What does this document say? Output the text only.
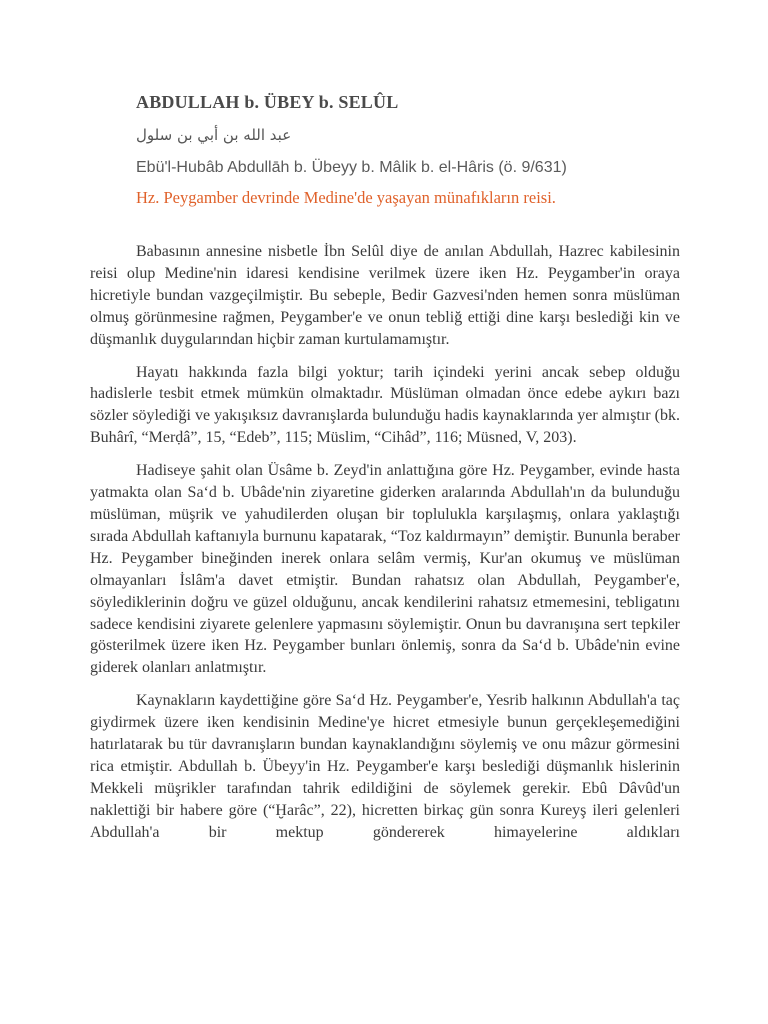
ABDULLAH b. ÜBEY b. SELÛL
عبد الله بن أبي بن سلول
Ebü'l-Hubâb Abdullāh b. Übeyy b. Mâlik b. el-Hâris (ö. 9/631)
Hz. Peygamber devrinde Medine'de yaşayan münafıkların reisi.

Babasının annesine nisbetle İbn Selûl diye de anılan Abdullah, Hazrec kabilesinin reisi olup Medine'nin idaresi kendisine verilmek üzere iken Hz. Peygamber'in oraya hicretiyle bundan vazgeçilmiştir. Bu sebeple, Bedir Gazvesi'nden hemen sonra müslüman olmuş görünmesine rağmen, Peygamber'e ve onun tebliğ ettiği dine karşı beslediği kin ve düşmanlık duygularından hiçbir zaman kurtulamamıştır.

Hayatı hakkında fazla bilgi yoktur; tarih içindeki yerini ancak sebep olduğu hadislerle tesbit etmek mümkün olmaktadır. Müslüman olmadan önce edebe aykırı bazı sözler söylediği ve yakışıksız davranışlarda bulunduğu hadis kaynaklarında yer almıştır (bk. Buhârî, “Merḍâ”, 15, “Edeb”, 115; Müslim, “Cihâd”, 116; Müsned, V, 203).

Hadiseye şahit olan Üsâme b. Zeyd'in anlattığına göre Hz. Peygamber, evinde hasta yatmakta olan Sa‘d b. Ubâde'nin ziyaretine giderken aralarında Abdullah'ın da bulunduğu müslüman, müşrik ve yahudilerden oluşan bir toplulukla karşılaşmış, onlara yaklaştığı sırada Abdullah kaftanıyla burnunu kapatarak, “Toz kaldırmayın” demiştir. Bununla beraber Hz. Peygamber bineğinden inerek onlara selâm vermiş, Kur'an okumuş ve müslüman olmayanları İslâm'a davet etmiştir. Bundan rahatsız olan Abdullah, Peygamber'e, söylediklerinin doğru ve güzel olduğunu, ancak kendilerini rahatsız etmemesini, tebligatını sadece kendisini ziyarete gelenlere yapmasını söylemiştir. Onun bu davranışına sert tepkiler gösterilmek üzere iken Hz. Peygamber bunları önlemiş, sonra da Sa‘d b. Ubâde'nin evine giderek olanları anlatmıştır.

Kaynakların kaydettiğine göre Sa‘d Hz. Peygamber'e, Yesrib halkının Abdullah'a taç giydirmek üzere iken kendisinin Medine'ye hicret etmesiyle bunun gerçekleşemediğini hatırlatarak bu tür davranışların bundan kaynaklandığını söylemiş ve onu mâzur görmesini rica etmiştir. Abdullah b. Übeyy'in Hz. Peygamber'e karşı beslediği düşmanlık hislerinin Mekkeli müşrikler tarafından tahrik edildiğini de söylemek gerekir. Ebû Dâvûd'un naklettiği bir habere göre (“Ḫarâc”, 22), hicretten birkaç gün sonra Kureyş ileri gelenleri Abdullah'a bir mektup göndererek himayelerine aldıkları
